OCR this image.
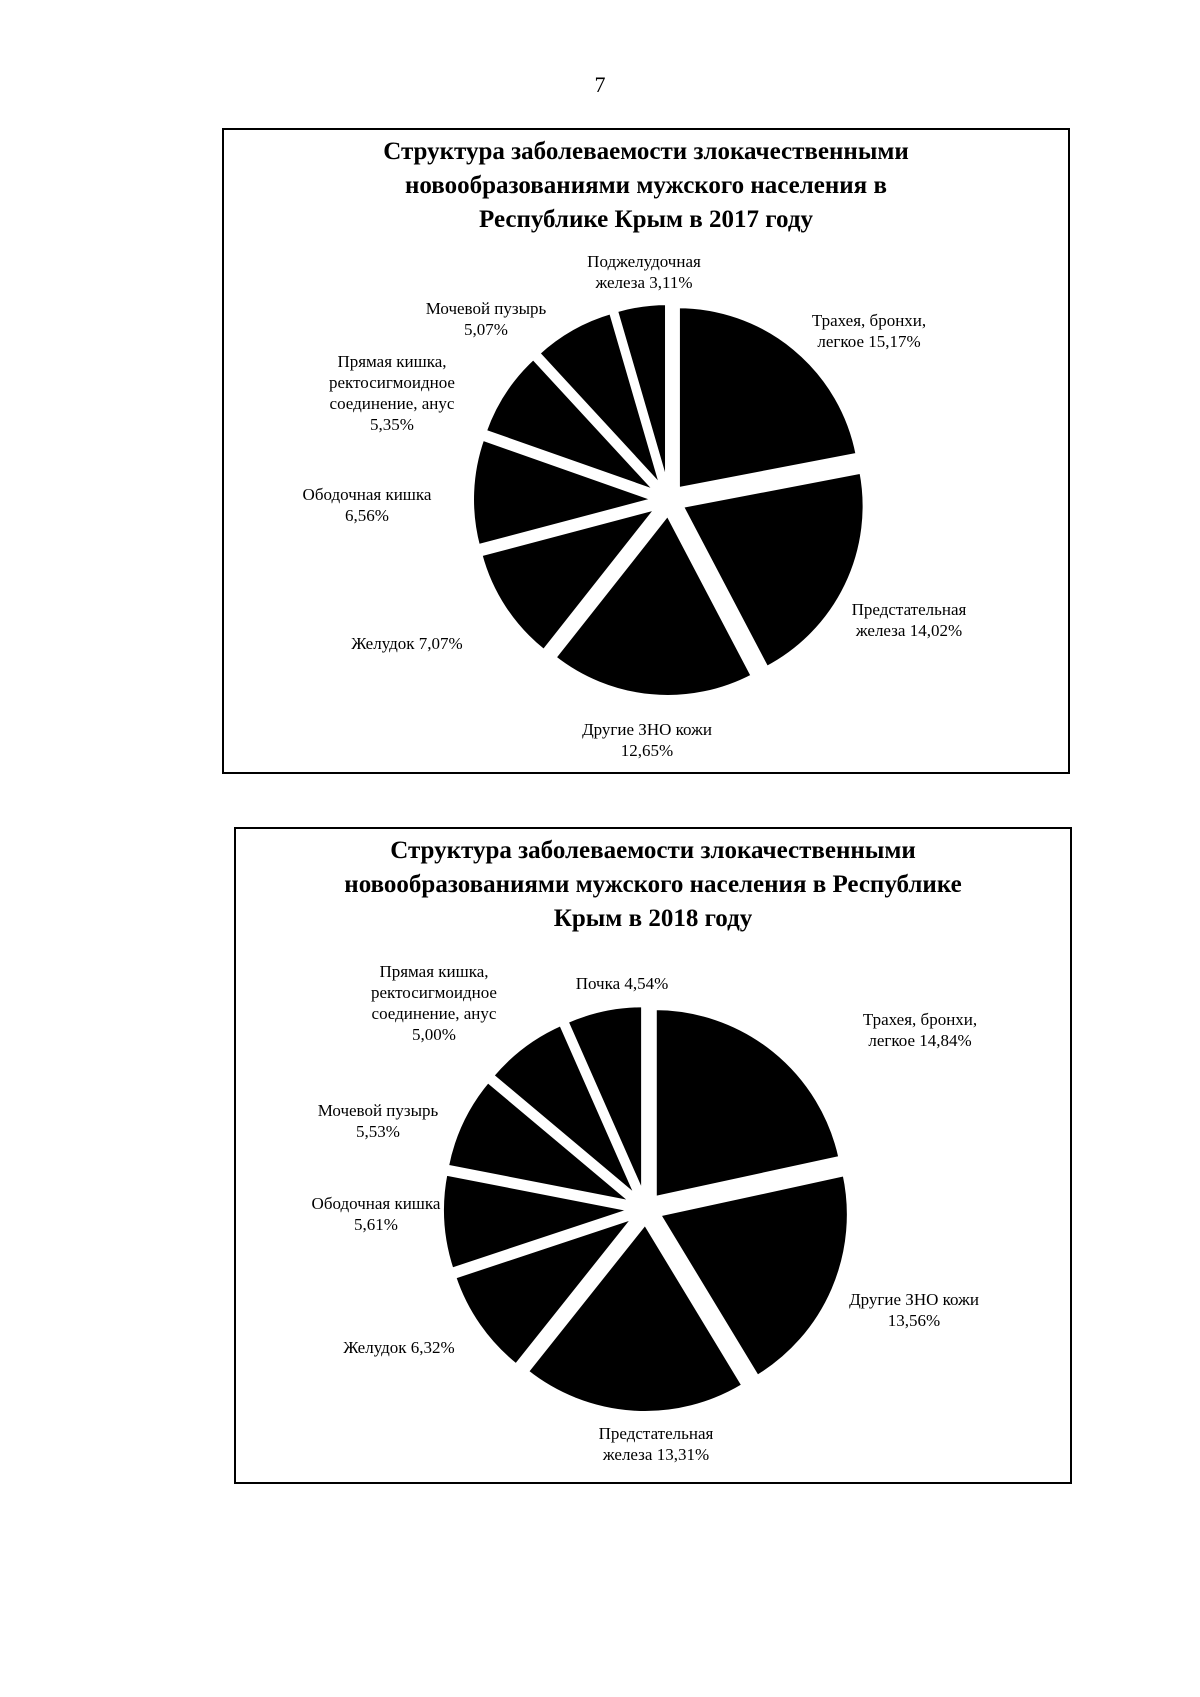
7
Структура заболеваемости злокачественными
новообразованиями мужского населения в
Республике Крым в 2017 году
Трахея, бронхи, легкое 15,17%
Предстательная железа 14,02%
Другие ЗНО кожи 12,65%
Желудок 7,07%
Ободочная кишка 6,56%
Прямая кишка, ректосигмоидное соединение, анус 5,35%
Мочевой пузырь 5,07%
Поджелудочная железа 3,11%
Структура заболеваемости злокачественными
новообразованиями мужского населения в Республике
Крым в 2018 году
Трахея, бронхи, легкое 14,84%
Другие ЗНО кожи 13,56%
Предстательная железа 13,31%
Желудок 6,32%
Ободочная кишка 5,61%
Мочевой пузырь 5,53%
Прямая кишка, ректосигмоидное соединение, анус 5,00%
Почка 4,54%
